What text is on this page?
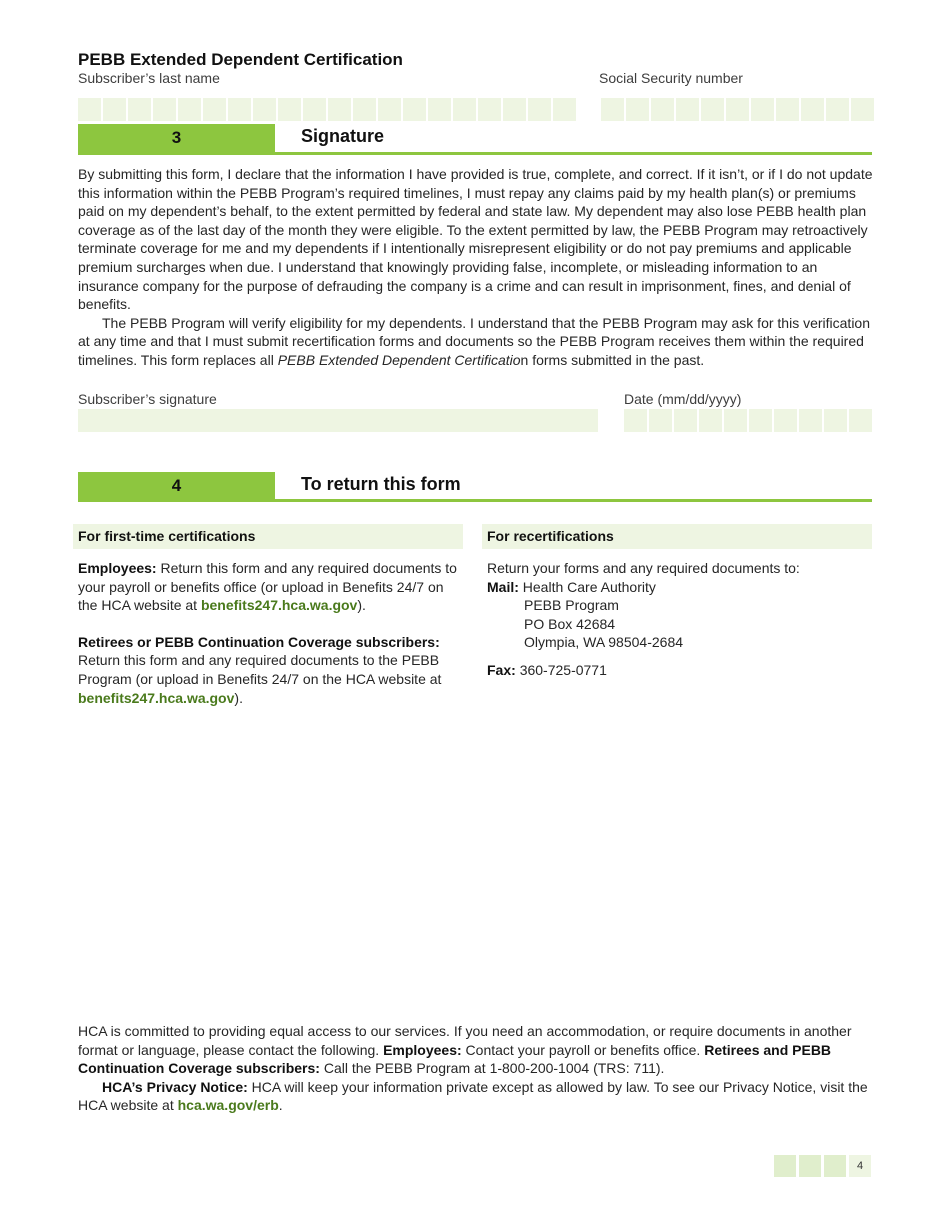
PEBB Extended Dependent Certification
Subscriber’s last name	Social Security number
3	Signature

By submitting this form, I declare that the information I have provided is true, complete, and correct. If it isn’t, or if I do not update this information within the PEBB Program’s required timelines, I must repay any claims paid by my health plan(s) or premiums paid on my dependent’s behalf, to the extent permitted by federal and state law. My dependent may also lose PEBB health plan coverage as of the last day of the month they were eligible. To the extent permitted by law, the PEBB Program may retroactively terminate coverage for me and my dependents if I intentionally misrepresent eligibility or do not pay premiums and applicable premium surcharges when due. I understand that knowingly providing false, incomplete, or misleading information to an insurance company for the purpose of defrauding the company is a crime and can result in imprisonment, fines, and denial of benefits.

The PEBB Program will verify eligibility for my dependents. I understand that the PEBB Program may ask for this verification at any time and that I must submit recertification forms and documents so the PEBB Program receives them within the required timelines. This form replaces all PEBB Extended Dependent Certification forms submitted in the past.

Subscriber’s signature	Date (mm/dd/yyyy)
4	To return this form
For first-time certifications

Employees: Return this form and any required documents to your payroll or benefits office (or upload in Benefits 24/7 on the HCA website at benefits247.hca.wa.gov).

Retirees or PEBB Continuation Coverage subscribers:
Return this form and any required documents to the PEBB Program (or upload in Benefits 24/7 on the HCA website at benefits247.hca.wa.gov).

For recertifications

Return your forms and any required documents to:

Mail: Health Care Authority

PEBB Program

PO Box 42684

Olympia, WA 98504-2684

Fax: 360-725-0771

HCA is committed to providing equal access to our services. If you need an accommodation, or require documents in another format or language, please contact the following. Employees: Contact your payroll or benefits office. Retirees and PEBB Continuation Coverage subscribers: Call the PEBB Program at 1-800-200-1004 (TRS: 711).

HCA’s Privacy Notice: HCA will keep your information private except as allowed by law. To see our Privacy Notice, visit the HCA website at hca.wa.gov/erb.

4
